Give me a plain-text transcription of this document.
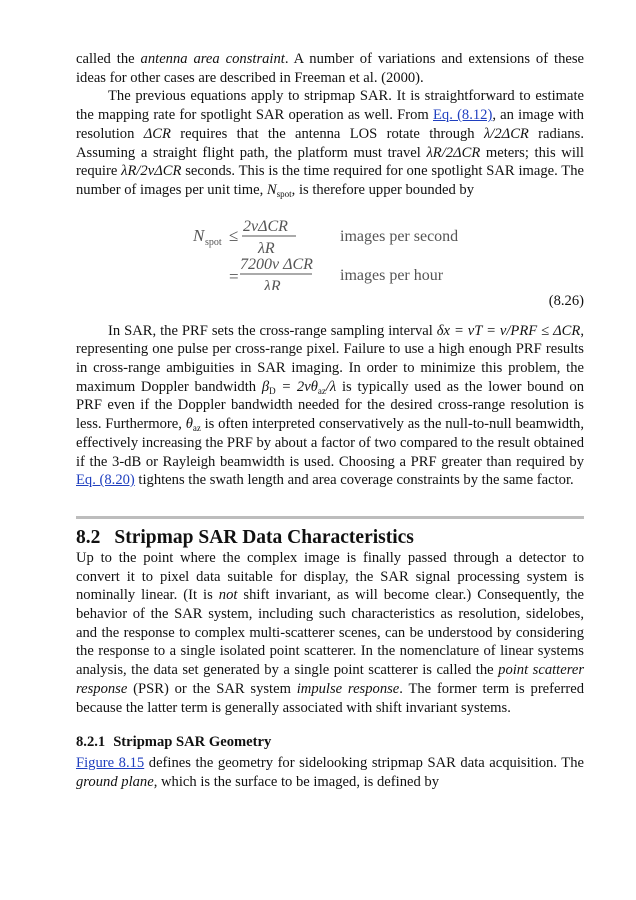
called the antenna area constraint. A number of variations and extensions of these ideas for other cases are described in Freeman et al. (2000).

The previous equations apply to stripmap SAR. It is straightforward to estimate the mapping rate for spotlight SAR operation as well. From Eq. (8.12), an image with resolution ΔCR requires that the antenna LOS rotate through λ/2ΔCR radians. Assuming a straight flight path, the platform must travel λR/2ΔCR meters; this will require λR/2vΔCR seconds. This is the time required for one spotlight SAR image. The number of images per unit time, $N_{spot}$, is therefore upper bounded by

N spot ≤ 2vΔCR
λR
images per second
=
7200v ΔCR
λR
images per hour
(8.26)

In SAR, the PRF sets the cross-range sampling interval δx = vT = v/PRF ≤ ΔCR, representing one pulse per cross-range pixel. Failure to use a high enough PRF results in cross-range ambiguities in SAR imaging. In order to minimize this problem, the maximum Doppler bandwidth $\beta_D = 2v\theta_{az}/\lambda$ is typically used as the lower bound on PRF even if the Doppler bandwidth needed for the desired cross-range resolution is less. Furthermore, $\theta_{az}$ is often interpreted conservatively as the null-to-null beamwidth, effectively increasing the PRF by about a factor of two compared to the result obtained if the 3-dB or Rayleigh beamwidth is used. Choosing a PRF greater than required by Eq. (8.20) tightens the swath length and area coverage constraints by the same factor.

8.2 Stripmap SAR Data Characteristics

Up to the point where the complex image is finally passed through a detector to convert it to pixel data suitable for display, the SAR signal processing system is nominally linear. (It is not shift invariant, as will become clear.) Consequently, the behavior of the SAR system, including such characteristics as resolution, sidelobes, and the response to complex multi-scatterer scenes, can be understood by considering the response to a single isolated point scatterer. In the nomenclature of linear systems analysis, the data set generated by a single point scatterer is called the point scatterer response (PSR) or the SAR system impulse response. The former term is preferred because the latter term is generally associated with shift invariant systems.

8.2.1 Stripmap SAR Geometry

Figure 8.15 defines the geometry for sidelooking stripmap SAR data acquisition. The ground plane, which is the surface to be imaged, is defined by
